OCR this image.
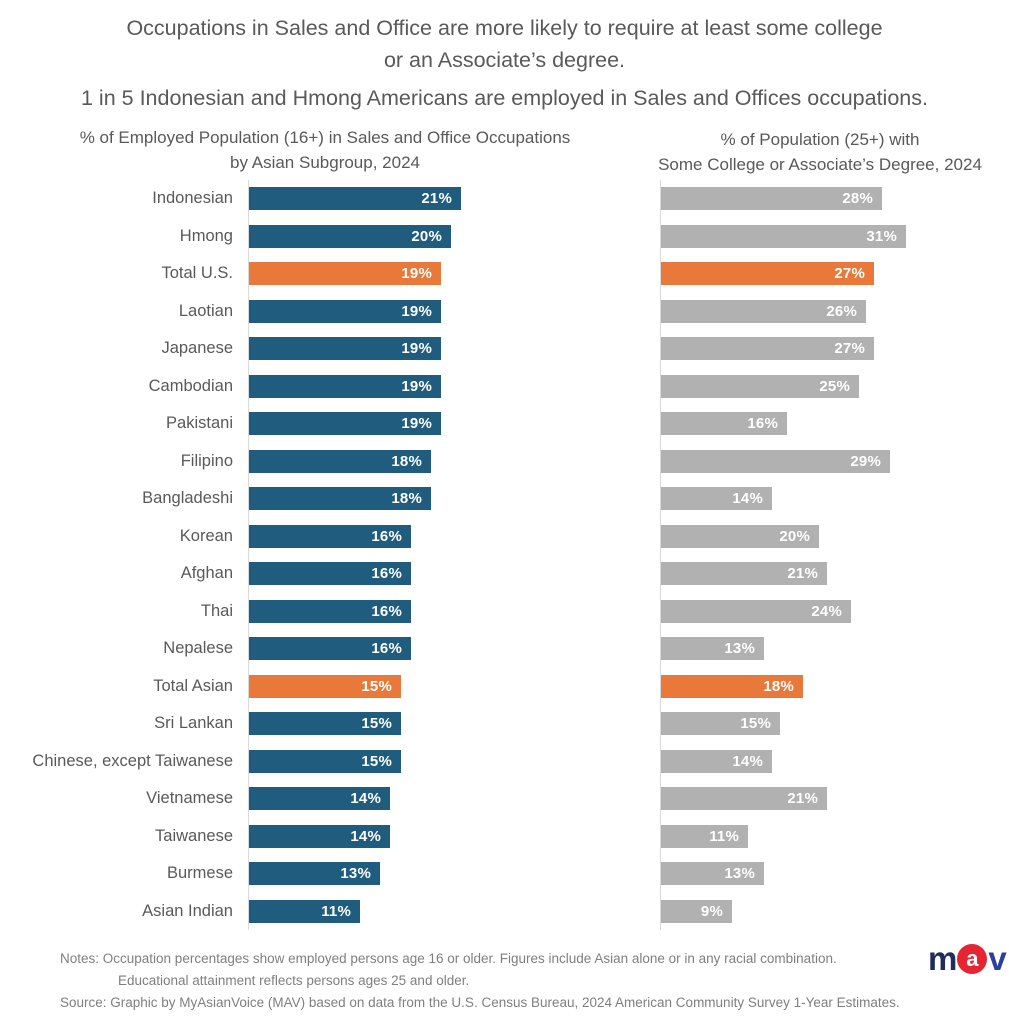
Occupations in Sales and Office are more likely to require at least some college
or an Associate’s degree.
1 in 5 Indonesian and Hmong Americans are employed in Sales and Offices occupations.
% of Employed Population (16+) in Sales and Office Occupations
by Asian Subgroup, 2024
% of Population (25+) with
Some College or Associate’s Degree, 2024
Indonesian
Hmong
Total U.S.
Laotian
Japanese
Cambodian
Pakistani
Filipino
Bangladeshi
Korean
Afghan
Thai
Nepalese
Total Asian
Sri Lankan
Chinese, except Taiwanese
Vietnamese
Taiwanese
Burmese
Asian Indian
21%
20%
19%
19%
19%
19%
19%
18%
18%
16%
16%
16%
16%
15%
15%
15%
14%
14%
13%
11%
28%
31%
27%
26%
27%
25%
16%
29%
14%
20%
21%
24%
13%
18%
15%
14%
21%
11%
13%
9%
Notes: Occupation percentages show employed persons age 16 or older. Figures include Asian alone or in any racial combination.
Educational attainment reflects persons ages 25 and older.
Source: Graphic by MyAsianVoice (MAV) based on data from the U.S. Census Bureau, 2024 American Community Survey 1-Year Estimates.
m a v
